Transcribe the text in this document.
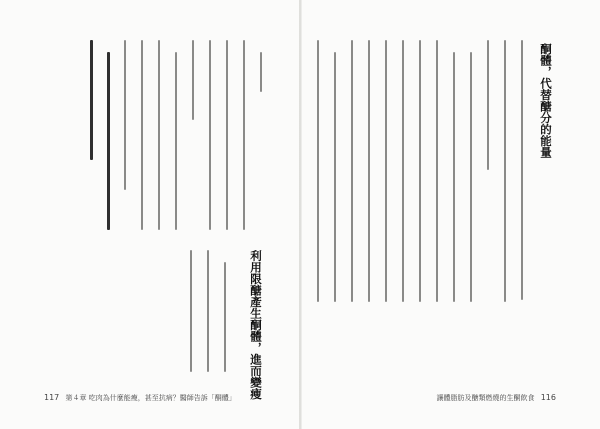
酮體，代替醣分的能量
讓體脂肪及醣類燃燒的生酮飲食 116
利用限醣產生酮體，進而變瘦
117 第４章 吃肉為什麼能瘦，甚至抗病？醫師告訴「酮體」
